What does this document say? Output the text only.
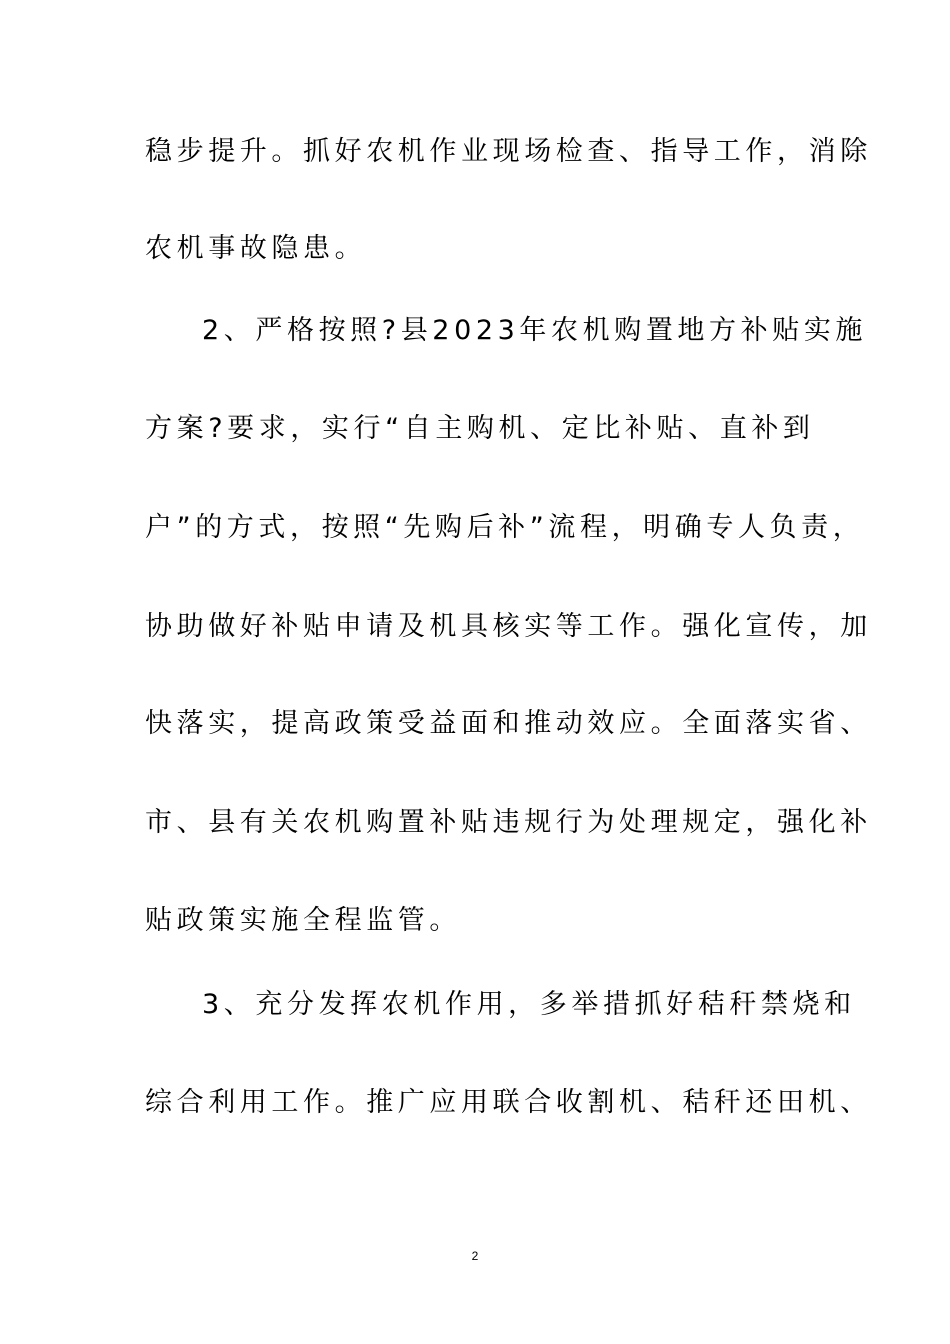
稳步提升。抓好农机作业现场检查、指导工作，消除
农机事故隐患。
2、严格按照?县2023年农机购置地方补贴实施
方案?要求，实行“自主购机、定比补贴、直补到
户”的方式，按照“先购后补”流程，明确专人负责，
协助做好补贴申请及机具核实等工作。强化宣传，加
快落实，提高政策受益面和推动效应。全面落实省、
市、县有关农机购置补贴违规行为处理规定，强化补
贴政策实施全程监管。
3、充分发挥农机作用，多举措抓好秸秆禁烧和
综合利用工作。推广应用联合收割机、秸秆还田机、
2
